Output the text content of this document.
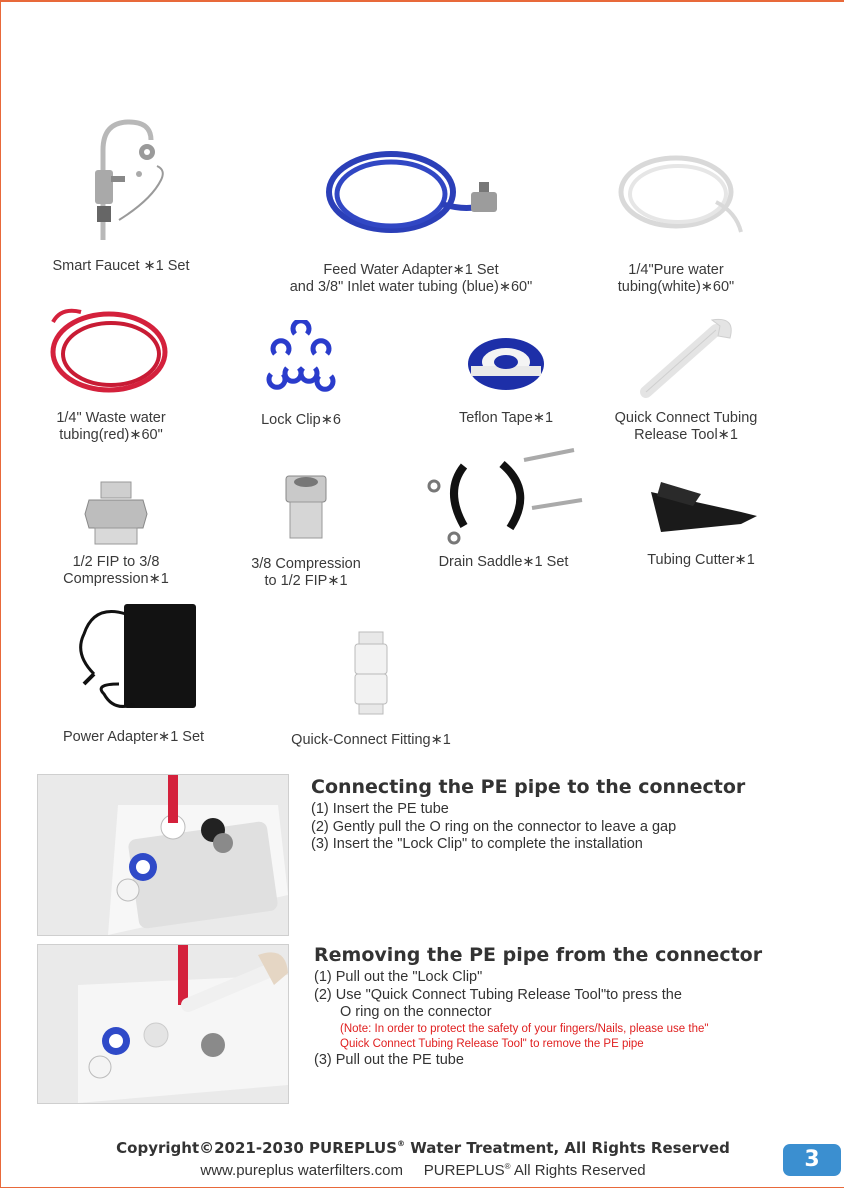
Smart Faucet ∗1 Set	Feed Water Adapter∗1 Set
and 3/8" Inlet water tubing (blue)∗60"
1/4"Pure water
tubing(white)∗60"
1/4" Waste water
tubing(red)∗60"
Lock Clip∗6	Teflon Tape∗1	Quick Connect Tubing
Release Tool∗1
1/2 FIP to 3/8
Compression∗1
3/8 Compression
to 1/2 FIP∗1
Drain Saddle∗1 Set	Tubing Cutter∗1
Power Adapter∗1 Set	Quick-Connect Fitting∗1
Connecting the PE pipe to the connector
(1) Insert the PE tube
(2) Gently pull the O ring on the connector to leave a gap
(3) Insert the "Lock Clip" to complete the installation
Removing the PE pipe from the connector
(1) Pull out the "Lock Clip"
(2) Use "Quick Connect Tubing Release Tool"to press the
O ring on the connector
(Note: In order to protect the safety of your fingers/Nails, please use the"
Quick Connect Tubing Release Tool" to remove the PE pipe
(3) Pull out the PE tube
Copyright©2021-2030 PUREPLUS® Water Treatment, All Rights Reserved
www.pureplus waterfilters.com PUREPLUS® All Rights Reserved	3
